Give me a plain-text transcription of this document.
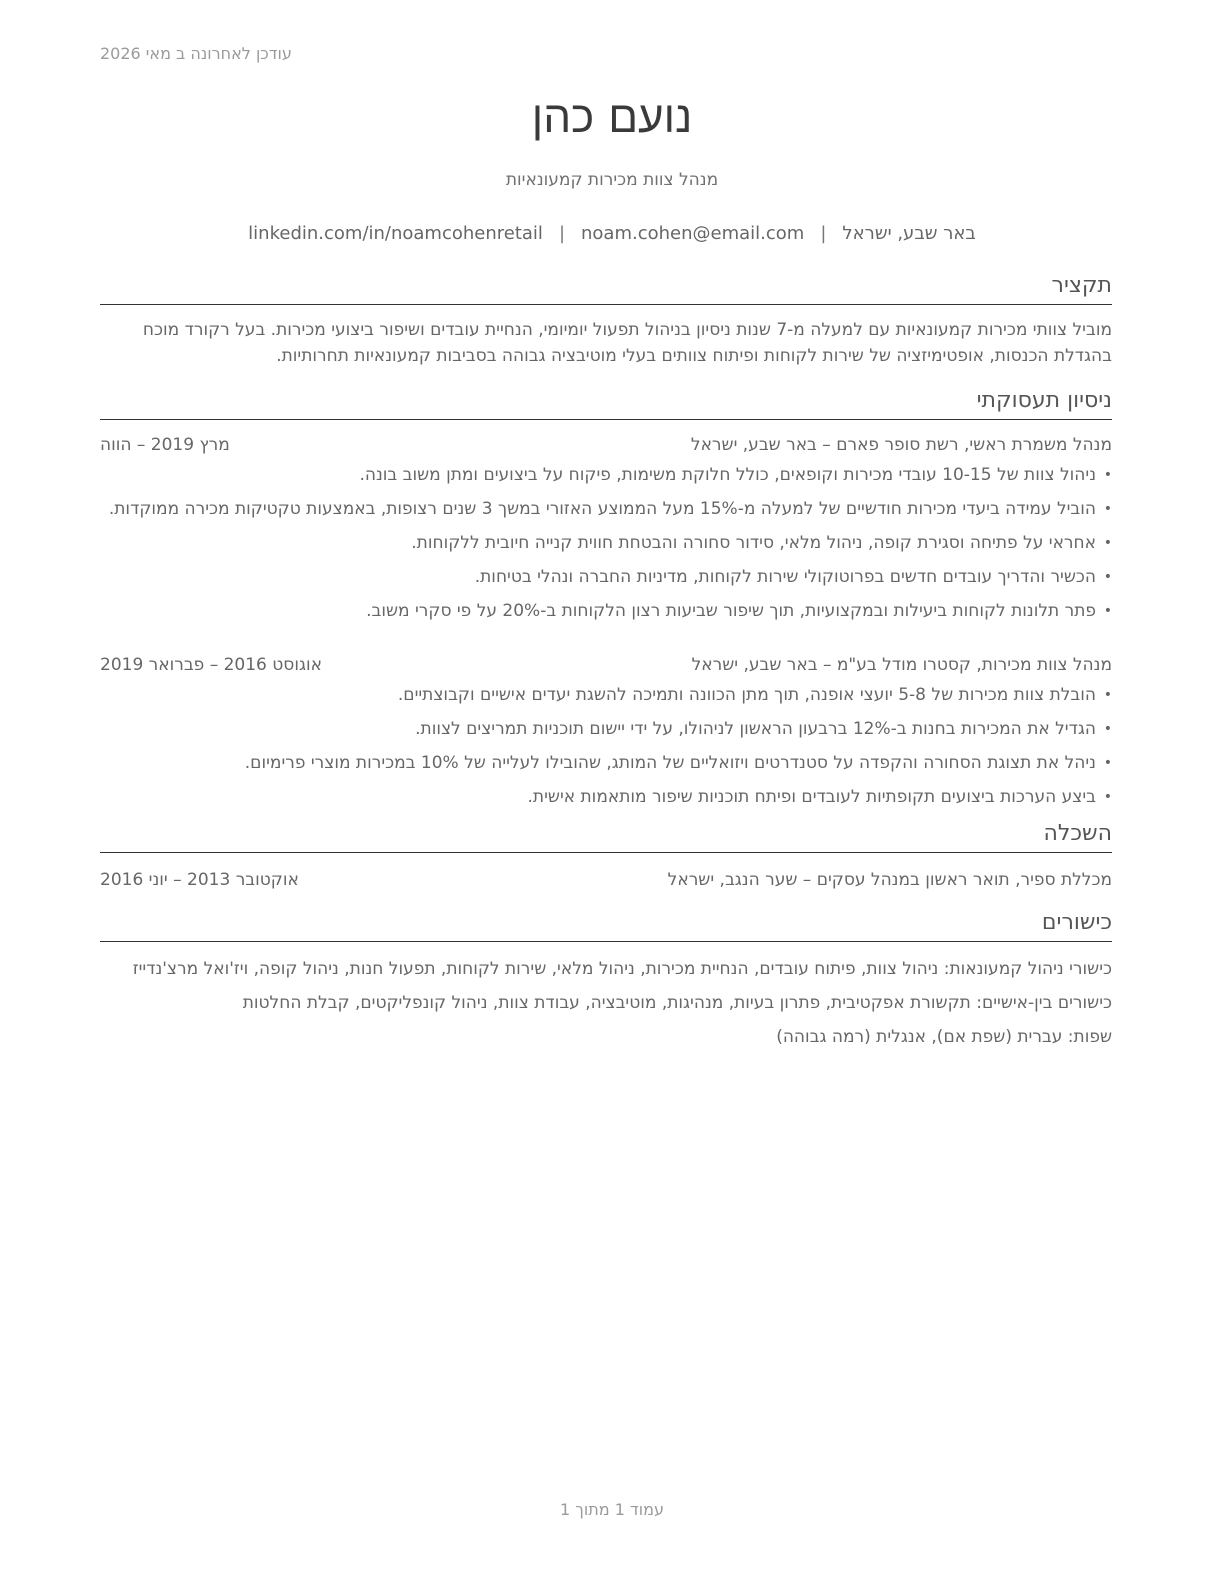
עודכן לאחרונה ב מאי 2026
נועם כהן
מנהל צוות מכירות קמעונאיות
באר שבע, ישראל|noam.cohen@email.com|linkedin.com/in/noamcohenretail
תקציר

מוביל צוותי מכירות קמעונאיות עם למעלה מ-7 שנות ניסיון בניהול תפעול יומיומי, הנחיית עובדים ושיפור ביצועי מכירות. בעל רקורד מוכח בהגדלת הכנסות, אופטימיזציה של שירות לקוחות ופיתוח צוותים בעלי מוטיבציה גבוהה בסביבות קמעונאיות תחרותיות.

ניסיון תעסוקתי
מנהל משמרת ראשי, רשת סופר פארם – באר שבע, ישראל
מרץ 2019 – הווה
• ניהול צוות של 10-15 עובדי מכירות וקופאים, כולל חלוקת משימות, פיקוח על ביצועים ומתן משוב בונה.
• הוביל עמידה ביעדי מכירות חודשיים של למעלה מ-15% מעל הממוצע האזורי במשך 3 שנים רצופות, באמצעות טקטיקות מכירה ממוקדות.
• אחראי על פתיחה וסגירת קופה, ניהול מלאי, סידור סחורה והבטחת חווית קנייה חיובית ללקוחות.
• הכשיר והדריך עובדים חדשים בפרוטוקולי שירות לקוחות, מדיניות החברה ונהלי בטיחות.
• פתר תלונות לקוחות ביעילות ובמקצועיות, תוך שיפור שביעות רצון הלקוחות ב-20% על פי סקרי משוב.
מנהל צוות מכירות, קסטרו מודל בע"מ – באר שבע, ישראל
אוגוסט 2016 – פברואר 2019
• הובלת צוות מכירות של 5-8 יועצי אופנה, תוך מתן הכוונה ותמיכה להשגת יעדים אישיים וקבוצתיים.
• הגדיל את המכירות בחנות ב-12% ברבעון הראשון לניהולו, על ידי יישום תוכניות תמריצים לצוות.
• ניהל את תצוגת הסחורה והקפדה על סטנדרטים ויזואליים של המותג, שהובילו לעלייה של 10% במכירות מוצרי פרימיום.
• ביצע הערכות ביצועים תקופתיות לעובדים ופיתח תוכניות שיפור מותאמות אישית.
השכלה
מכללת ספיר, תואר ראשון במנהל עסקים – שער הנגב, ישראל
אוקטובר 2013 – יוני 2016
כישורים
כישורי ניהול קמעונאות: ניהול צוות, פיתוח עובדים, הנחיית מכירות, ניהול מלאי, שירות לקוחות, תפעול חנות, ניהול קופה, ויז'ואל מרצ'נדייז
כישורים בין-אישיים: תקשורת אפקטיבית, פתרון בעיות, מנהיגות, מוטיבציה, עבודת צוות, ניהול קונפליקטים, קבלת החלטות
שפות: עברית (שפת אם), אנגלית (רמה גבוהה)
עמוד 1 מתוך 1
